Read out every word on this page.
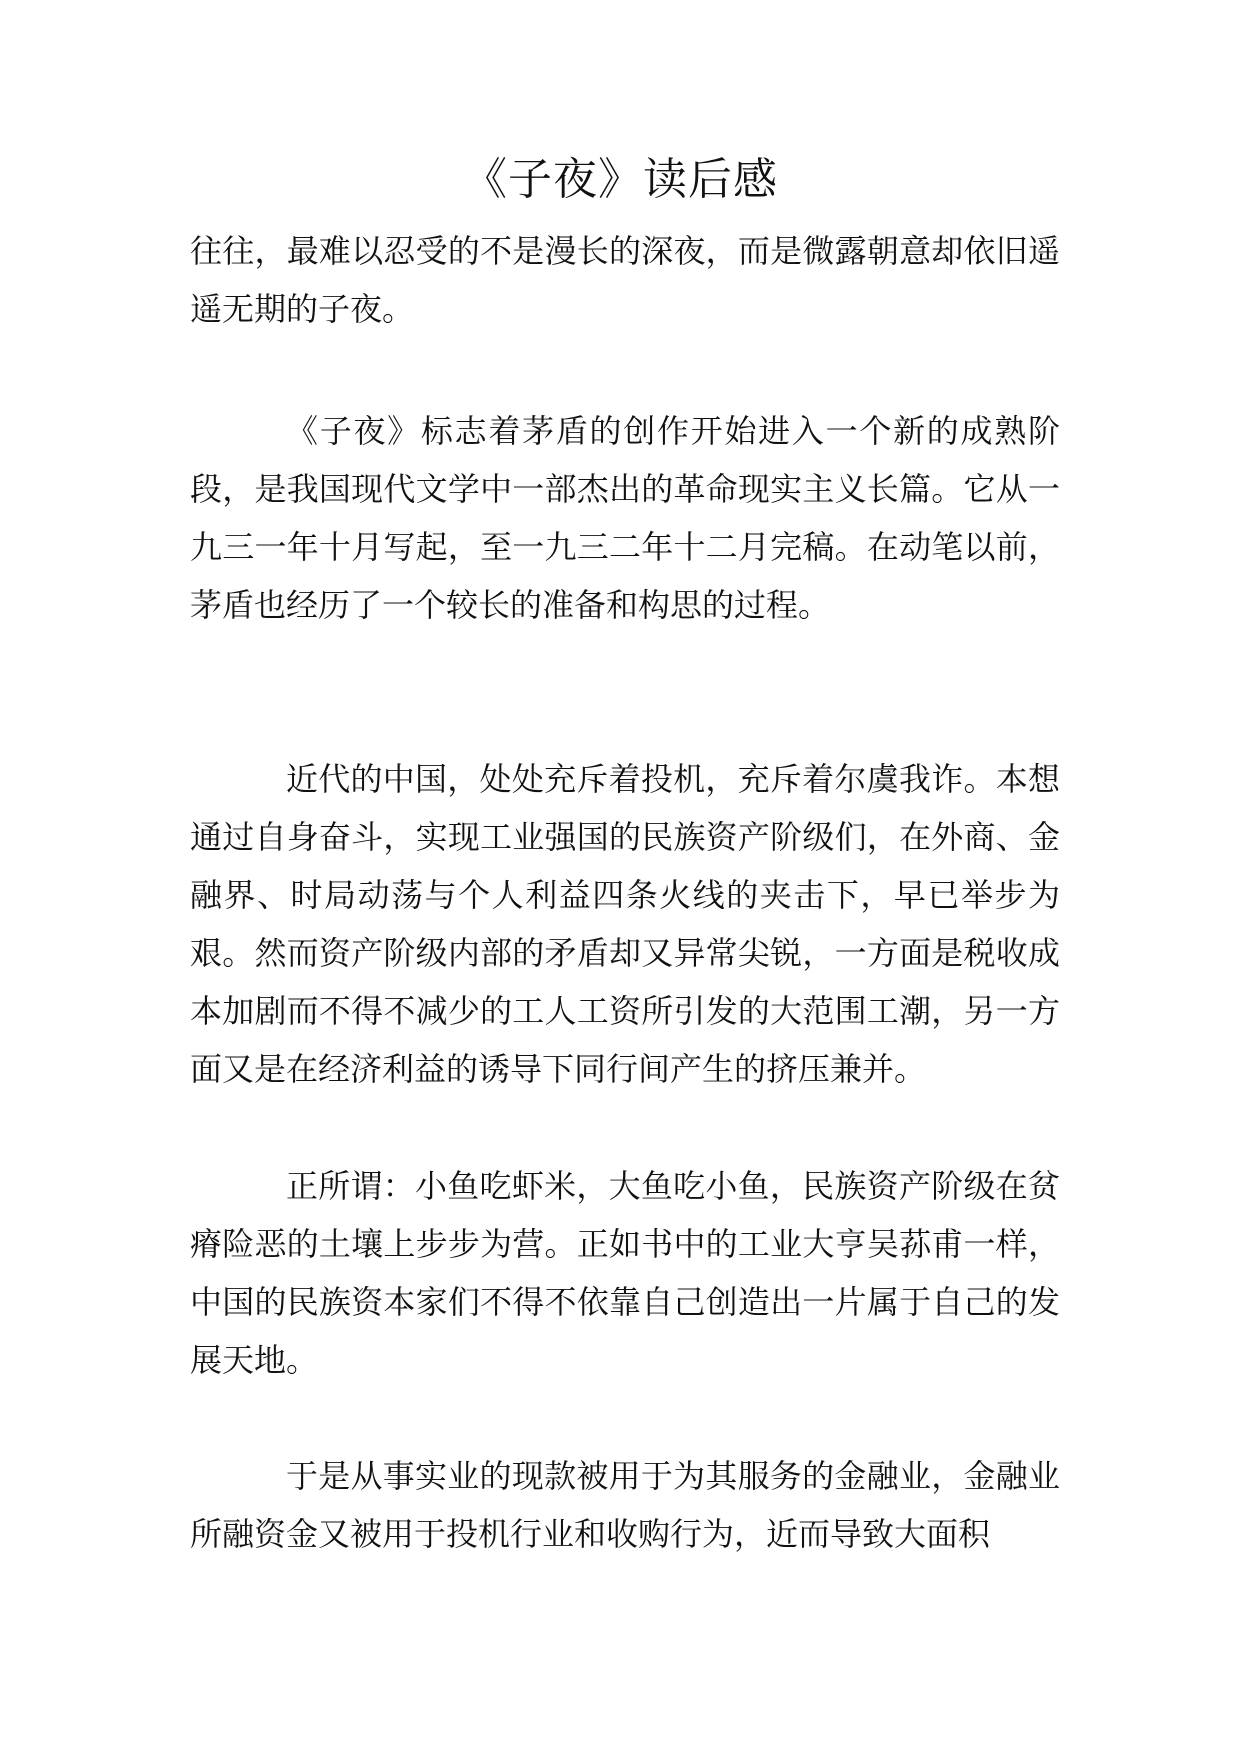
《子夜》读后感

往往，最难以忍受的不是漫长的深夜，而是微露朝意却依旧遥遥无期的子夜。

《子夜》标志着茅盾的创作开始进入一个新的成熟阶段，是我国现代文学中一部杰出的革命现实主义长篇。它从一九三一年十月写起，至一九三二年十二月完稿。在动笔以前，茅盾也经历了一个较长的准备和构思的过程。

近代的中国，处处充斥着投机，充斥着尔虞我诈。本想通过自身奋斗，实现工业强国的民族资产阶级们，在外商、金融界、时局动荡与个人利益四条火线的夹击下，早已举步为艰。然而资产阶级内部的矛盾却又异常尖锐，一方面是税收成本加剧而不得不减少的工人工资所引发的大范围工潮，另一方面又是在经济利益的诱导下同行间产生的挤压兼并。

正所谓：小鱼吃虾米，大鱼吃小鱼，民族资产阶级在贫瘠险恶的土壤上步步为营。正如书中的工业大亨吴荪甫一样，中国的民族资本家们不得不依靠自己创造出一片属于自己的发展天地。

于是从事实业的现款被用于为其服务的金融业，金融业所融资金又被用于投机行业和收购行为，近而导致大面积
